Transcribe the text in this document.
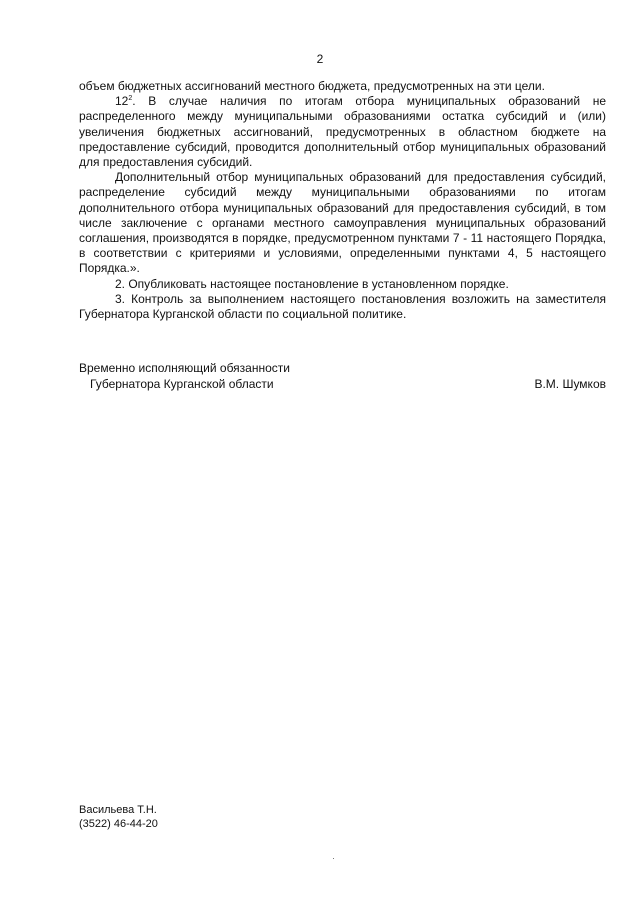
2

объем бюджетных ассигнований местного бюджета, предусмотренных на эти цели.

$12^2$. В случае наличия по итогам отбора муниципальных образований не распределенного между муниципальными образованиями остатка субсидий и (или) увеличения бюджетных ассигнований, предусмотренных в областном бюджете на предоставление субсидий, проводится дополнительный отбор муниципальных образований для предоставления субсидий.

Дополнительный отбор муниципальных образований для предоставления субсидий, распределение субсидий между муниципальными образованиями по итогам дополнительного отбора муниципальных образований для предоставления субсидий, в том числе заключение с органами местного самоуправления муниципальных образований соглашения, производятся в порядке, предусмотренном пунктами 7 - 11 настоящего Порядка, в соответствии с критериями и условиями, определенными пунктами 4, 5 настоящего Порядка.».

2. Опубликовать настоящее постановление в установленном порядке.

3. Контроль за выполнением настоящего постановления возложить на заместителя Губернатора Курганской области по социальной политике.

Временно исполняющий обязанности
Губернатора Курганской области	В.М. Шумков
Васильева Т.Н.
(3522) 46-44-20
